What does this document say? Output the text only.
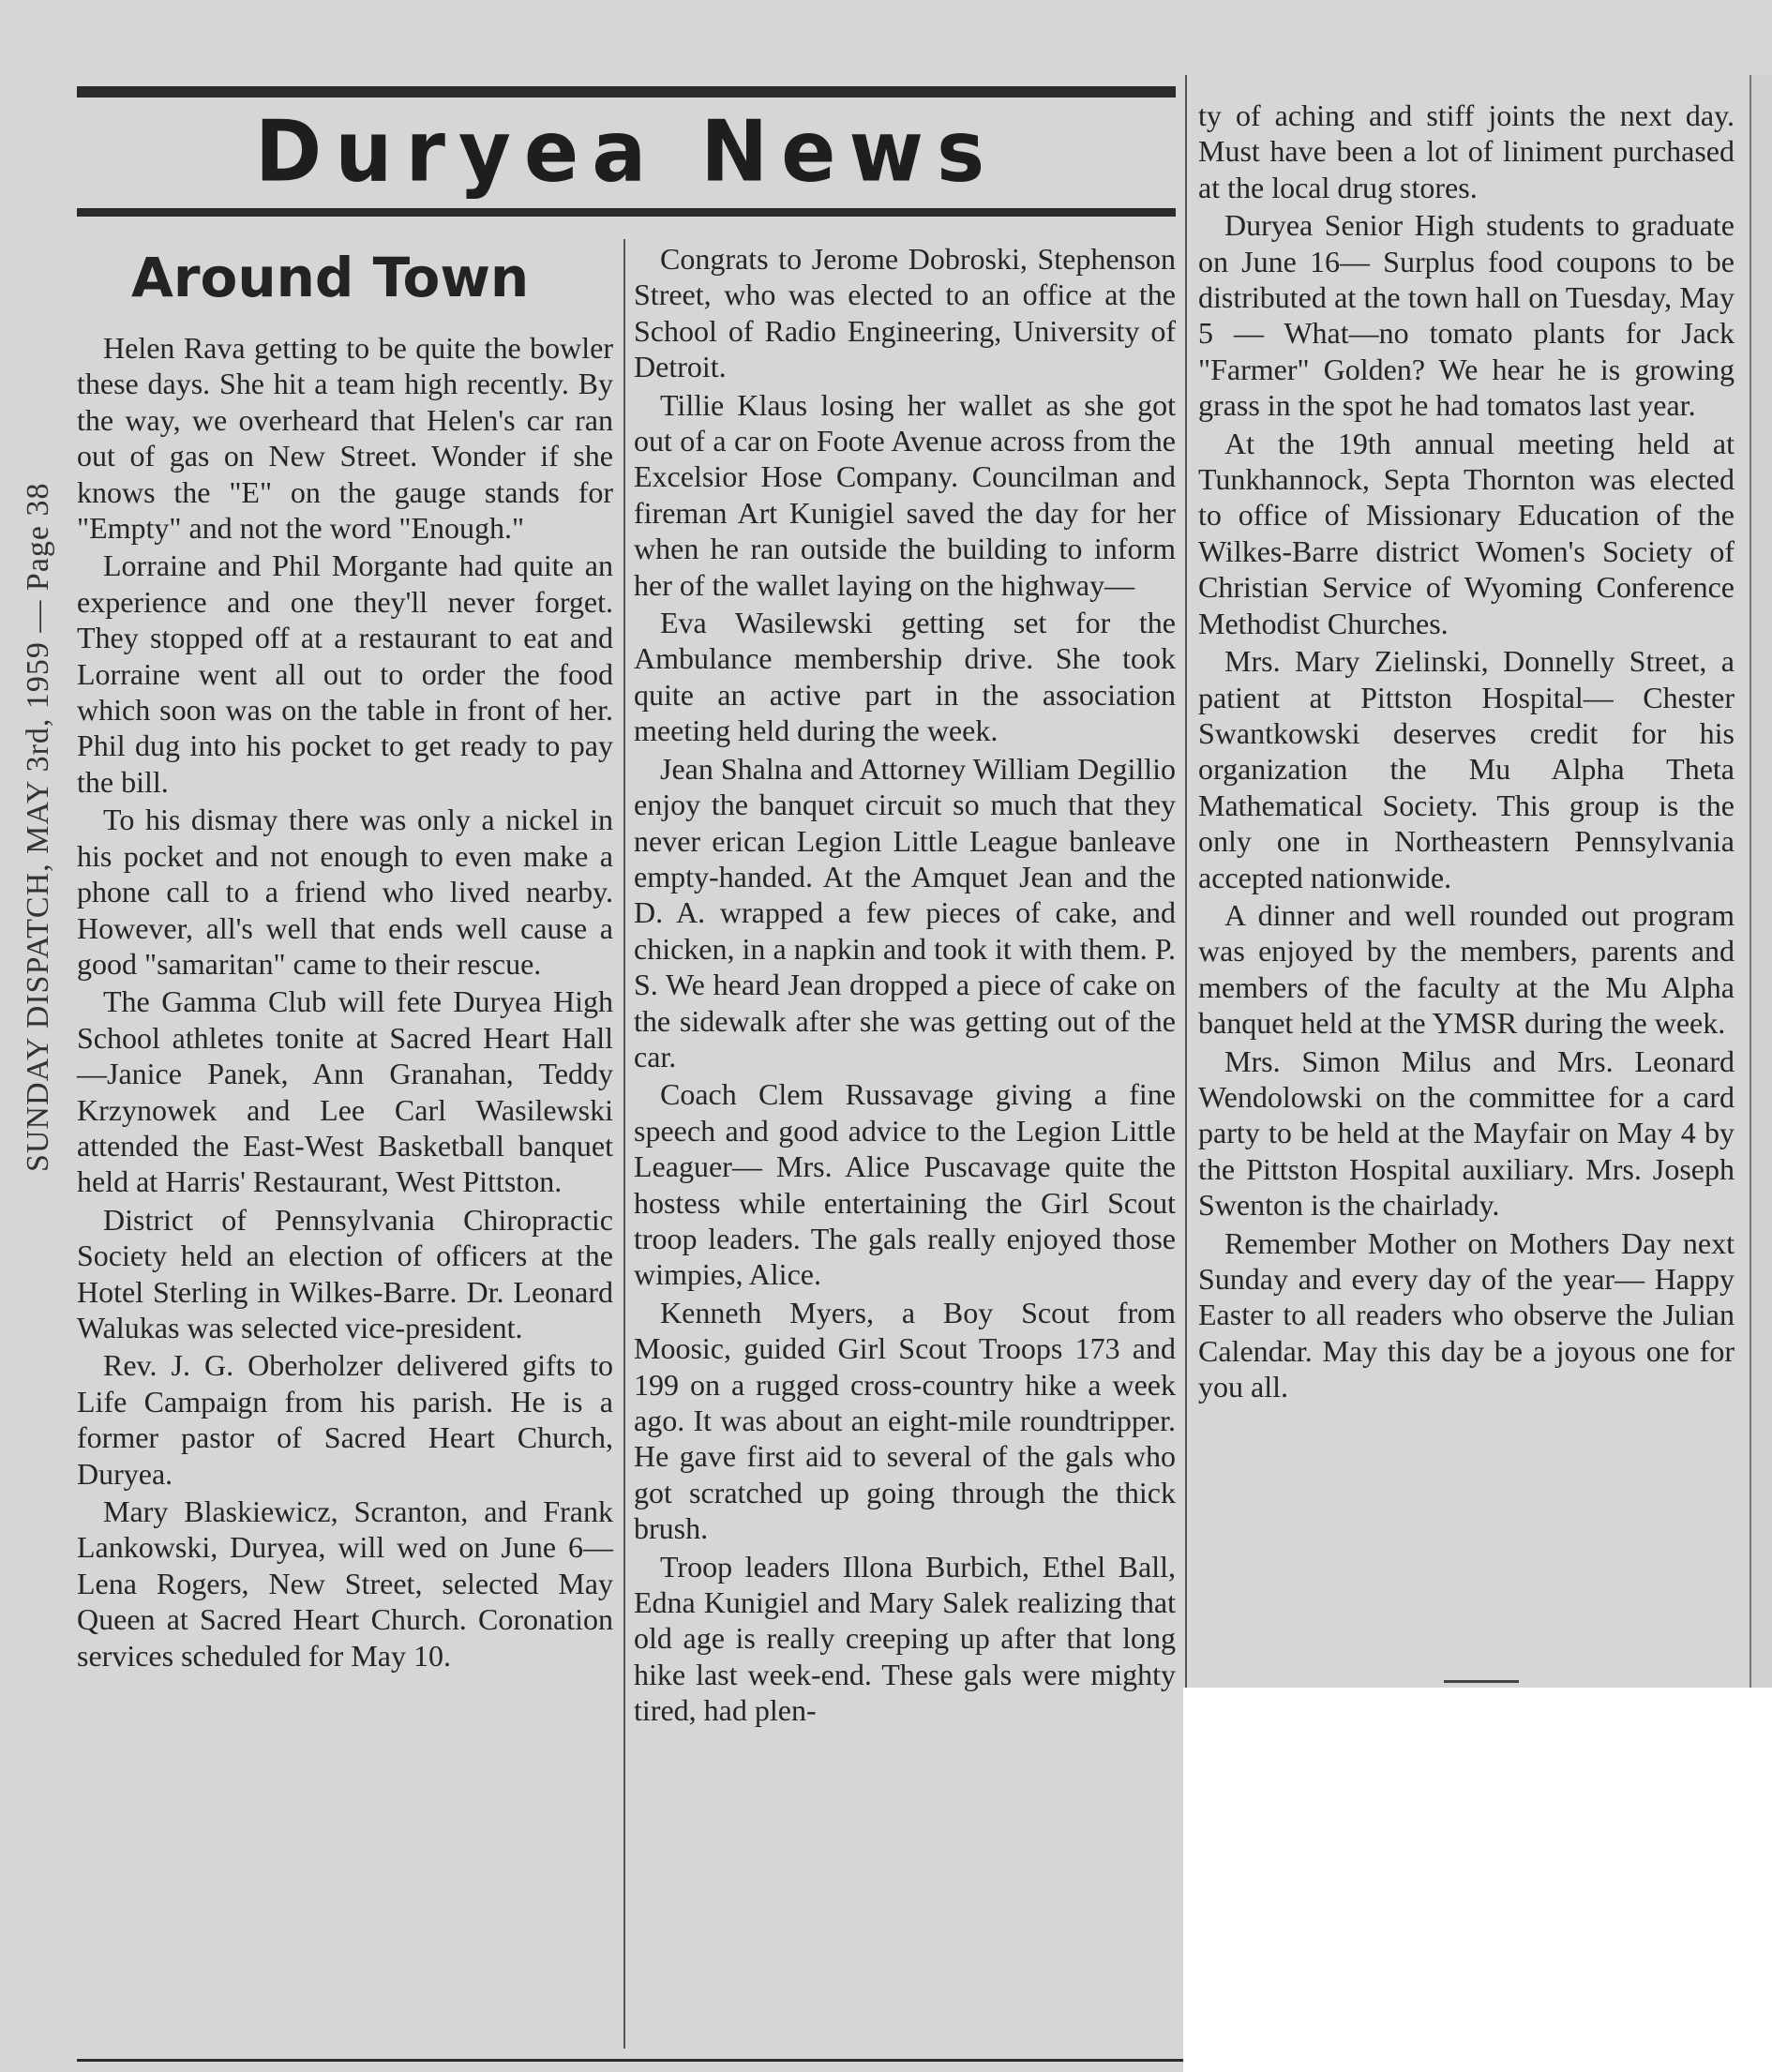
SUNDAY DISPATCH, MAY 3rd, 1959 — Page 38
Duryea News
Around Town

Helen Rava getting to be quite the bowler these days. She hit a team high recently. By the way, we overheard that Helen's car ran out of gas on New Street. Wonder if she knows the "E" on the gauge stands for "Empty" and not the word "Enough."

Lorraine and Phil Morgante had quite an experience and one they'll never forget. They stopped off at a restaurant to eat and Lorraine went all out to order the food which soon was on the table in front of her. Phil dug into his pocket to get ready to pay the bill.

To his dismay there was only a nickel in his pocket and not enough to even make a phone call to a friend who lived nearby. However, all's well that ends well cause a good "samaritan" came to their rescue.

The Gamma Club will fete Duryea High School athletes tonite at Sacred Heart Hall—Janice Panek, Ann Granahan, Teddy Krzynowek and Lee Carl Wasilewski attended the East-West Basketball banquet held at Harris' Restaurant, West Pittston.

District of Pennsylvania Chiropractic Society held an election of officers at the Hotel Sterling in Wilkes-Barre. Dr. Leonard Walukas was selected vice-president.

Rev. J. G. Oberholzer delivered gifts to Life Campaign from his parish. He is a former pastor of Sacred Heart Church, Duryea.

Mary Blaskiewicz, Scranton, and Frank Lankowski, Duryea, will wed on June 6— Lena Rogers, New Street, selected May Queen at Sacred Heart Church. Coronation services scheduled for May 10.

Congrats to Jerome Dobroski, Stephenson Street, who was elected to an office at the School of Radio Engineering, University of Detroit.

Tillie Klaus losing her wallet as she got out of a car on Foote Avenue across from the Excelsior Hose Company. Councilman and fireman Art Kunigiel saved the day for her when he ran outside the building to inform her of the wallet laying on the highway—

Eva Wasilewski getting set for the Ambulance membership drive. She took quite an active part in the association meeting held during the week.

Jean Shalna and Attorney William Degillio enjoy the banquet circuit so much that they never erican Legion Little League banleave empty-handed. At the Amquet Jean and the D. A. wrapped a few pieces of cake, and chicken, in a napkin and took it with them. P. S. We heard Jean dropped a piece of cake on the sidewalk after she was getting out of the car.

Coach Clem Russavage giving a fine speech and good advice to the Legion Little Leaguer— Mrs. Alice Puscavage quite the hostess while entertaining the Girl Scout troop leaders. The gals really enjoyed those wimpies, Alice.

Kenneth Myers, a Boy Scout from Moosic, guided Girl Scout Troops 173 and 199 on a rugged cross-country hike a week ago. It was about an eight-mile roundtripper. He gave first aid to several of the gals who got scratched up going through the thick brush.

Troop leaders Illona Burbich, Ethel Ball, Edna Kunigiel and Mary Salek realizing that old age is really creeping up after that long hike last week-end. These gals were mighty tired, had plen-

ty of aching and stiff joints the next day. Must have been a lot of liniment purchased at the local drug stores.

Duryea Senior High students to graduate on June 16— Surplus food coupons to be distributed at the town hall on Tuesday, May 5 — What—no tomato plants for Jack "Farmer" Golden? We hear he is growing grass in the spot he had tomatos last year.

At the 19th annual meeting held at Tunkhannock, Septa Thornton was elected to office of Missionary Education of the Wilkes-Barre district Women's Society of Christian Service of Wyoming Conference Methodist Churches.

Mrs. Mary Zielinski, Donnelly Street, a patient at Pittston Hospital— Chester Swantkowski deserves credit for his organization the Mu Alpha Theta Mathematical Society. This group is the only one in Northeastern Pennsylvania accepted nationwide.

A dinner and well rounded out program was enjoyed by the members, parents and members of the faculty at the Mu Alpha banquet held at the YMSR during the week.

Mrs. Simon Milus and Mrs. Leonard Wendolowski on the committee for a card party to be held at the Mayfair on May 4 by the Pittston Hospital auxiliary. Mrs. Joseph Swenton is the chairlady.

Remember Mother on Mothers Day next Sunday and every day of the year— Happy Easter to all readers who observe the Julian Calendar. May this day be a joyous one for you all.
